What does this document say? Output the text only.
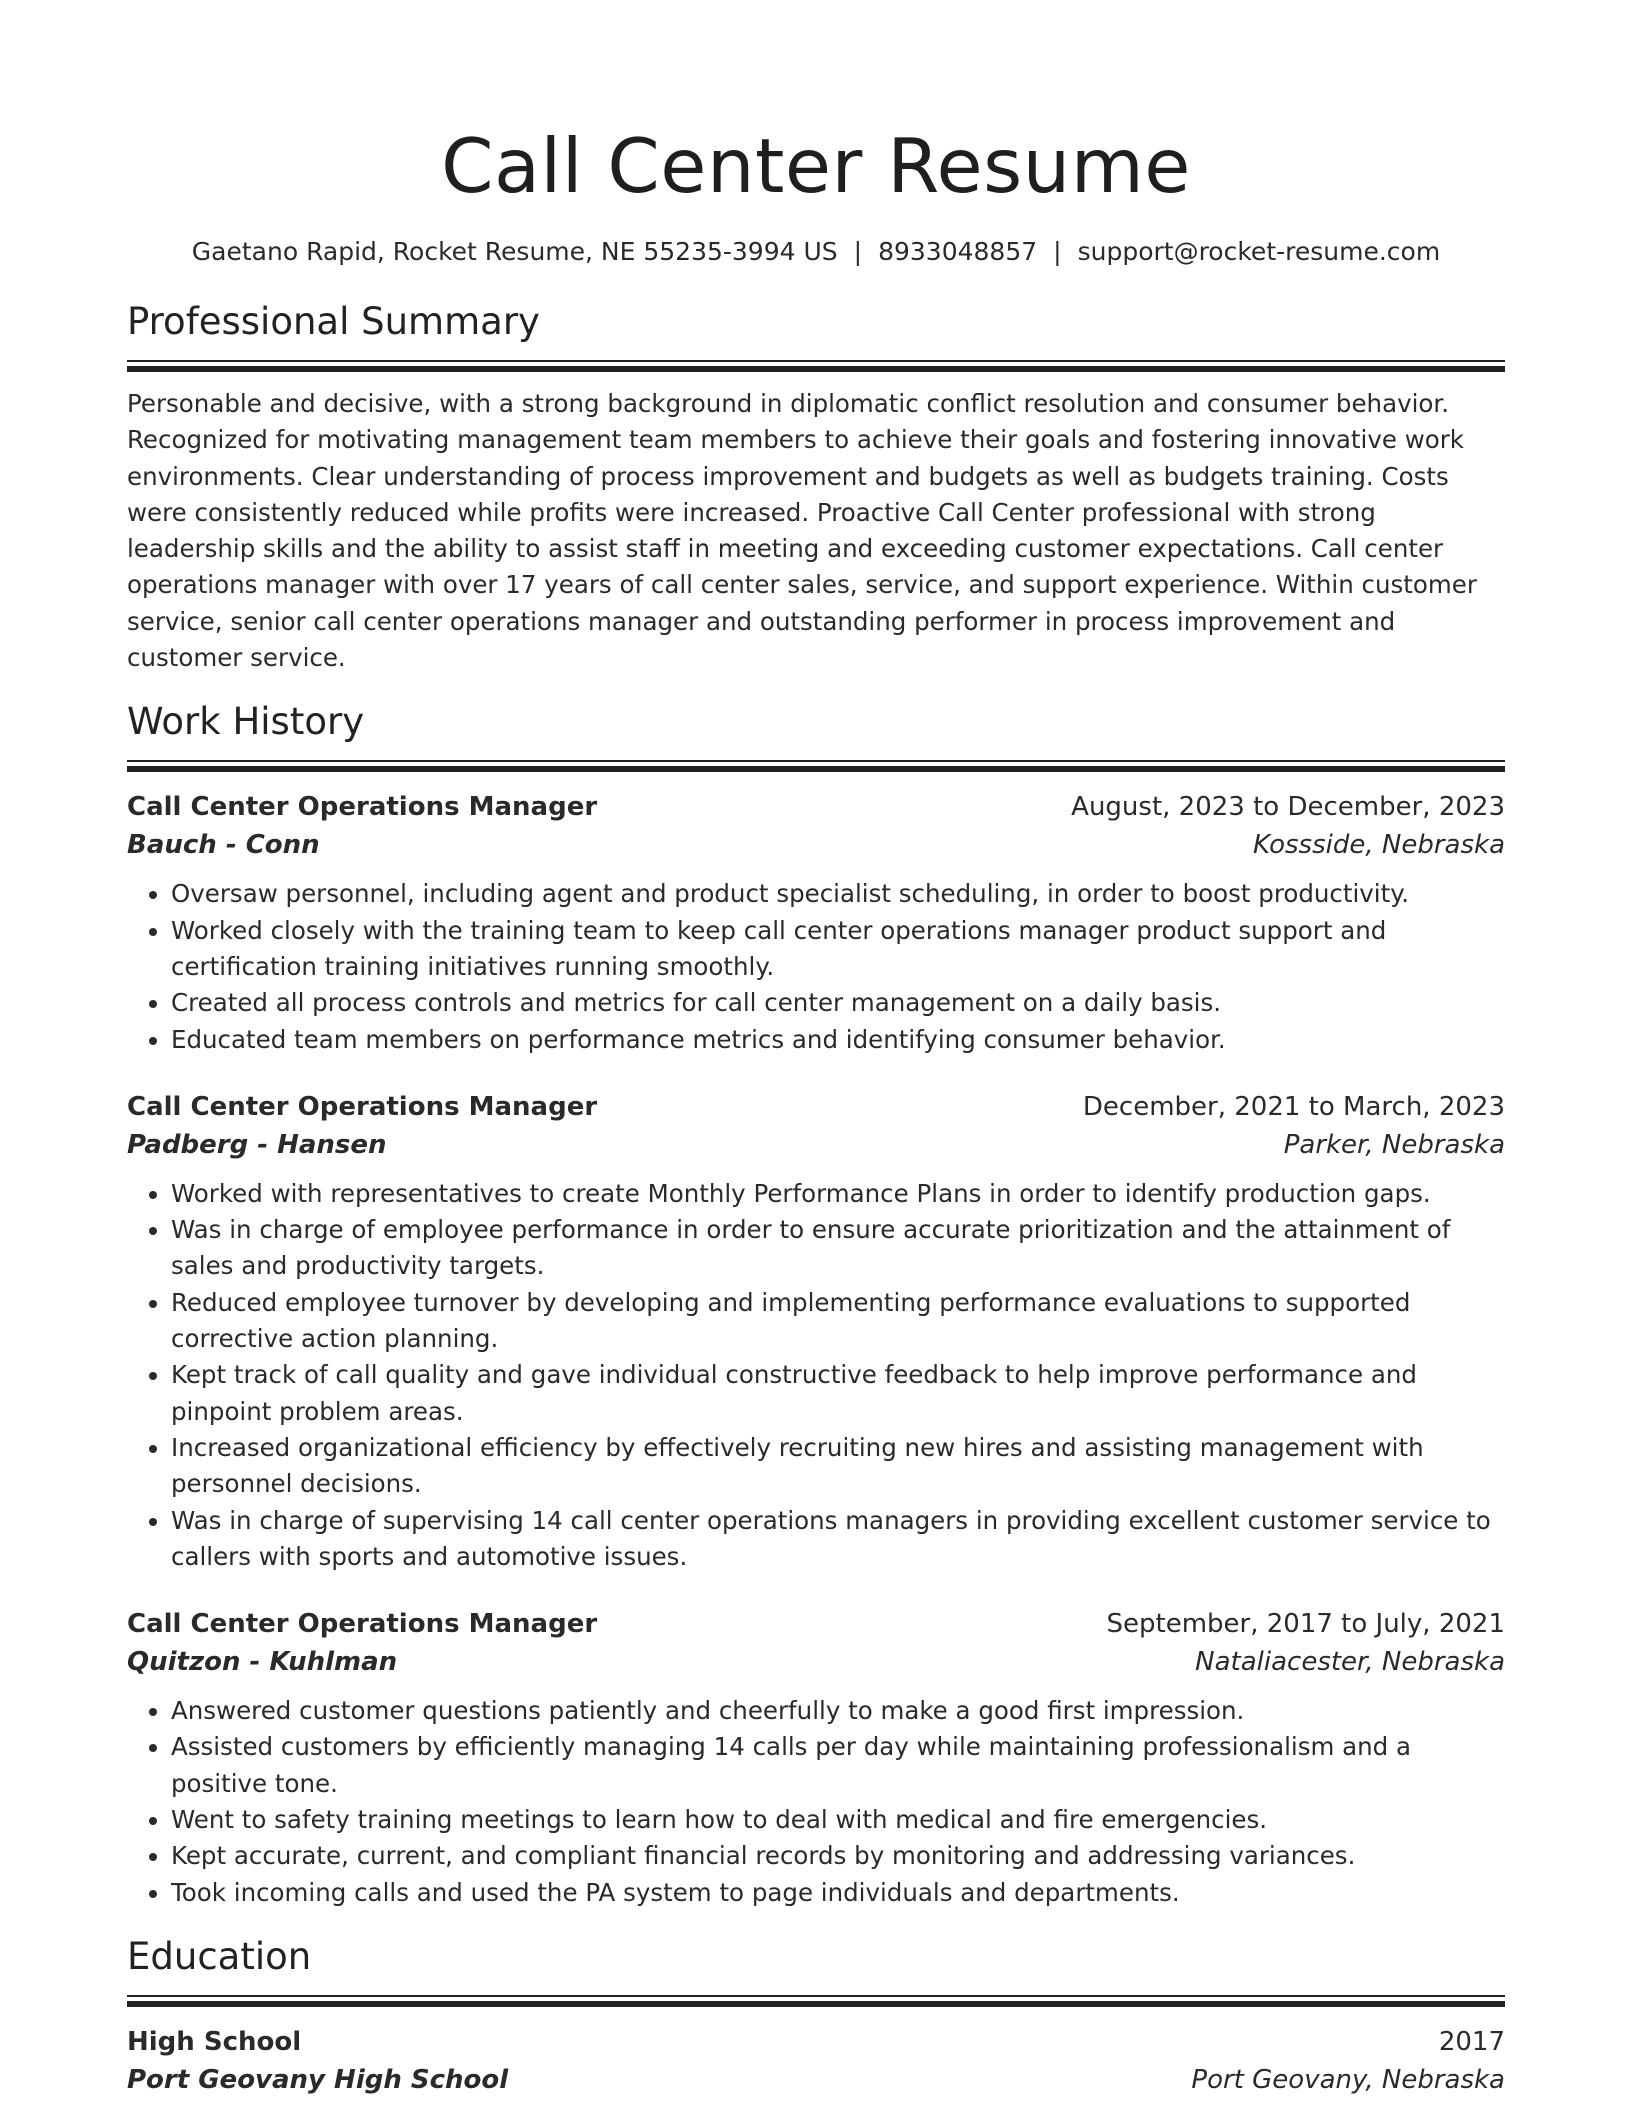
Call Center Resume
Gaetano Rapid, Rocket Resume, NE 55235-3994 US | 8933048857 | support@rocket-resume.com
Professional Summary
Personable and decisive, with a strong background in diplomatic conflict resolution and consumer behavior. Recognized for motivating management team members to achieve their goals and fostering innovative work environments. Clear understanding of process improvement and budgets as well as budgets training. Costs were consistently reduced while profits were increased. Proactive Call Center professional with strong leadership skills and the ability to assist staff in meeting and exceeding customer expectations. Call center operations manager with over 17 years of call center sales, service, and support experience. Within customer service, senior call center operations manager and outstanding performer in process improvement and customer service.
Work History
Call Center Operations Manager	August, 2023 to December, 2023
Bauch - Conn	Kossside, Nebraska
• Oversaw personnel, including agent and product specialist scheduling, in order to boost productivity.
• Worked closely with the training team to keep call center operations manager product support and certification training initiatives running smoothly.
• Created all process controls and metrics for call center management on a daily basis.
• Educated team members on performance metrics and identifying consumer behavior.
Call Center Operations Manager	December, 2021 to March, 2023
Padberg - Hansen	Parker, Nebraska
• Worked with representatives to create Monthly Performance Plans in order to identify production gaps.
• Was in charge of employee performance in order to ensure accurate prioritization and the attainment of sales and productivity targets.
• Reduced employee turnover by developing and implementing performance evaluations to supported corrective action planning.
• Kept track of call quality and gave individual constructive feedback to help improve performance and pinpoint problem areas.
• Increased organizational efficiency by effectively recruiting new hires and assisting management with personnel decisions.
• Was in charge of supervising 14 call center operations managers in providing excellent customer service to callers with sports and automotive issues.
Call Center Operations Manager	September, 2017 to July, 2021
Quitzon - Kuhlman	Nataliacester, Nebraska
• Answered customer questions patiently and cheerfully to make a good first impression.
• Assisted customers by efficiently managing 14 calls per day while maintaining professionalism and a positive tone.
• Went to safety training meetings to learn how to deal with medical and fire emergencies.
• Kept accurate, current, and compliant financial records by monitoring and addressing variances.
• Took incoming calls and used the PA system to page individuals and departments.
Education
High School	2017
Port Geovany High School	Port Geovany, Nebraska
